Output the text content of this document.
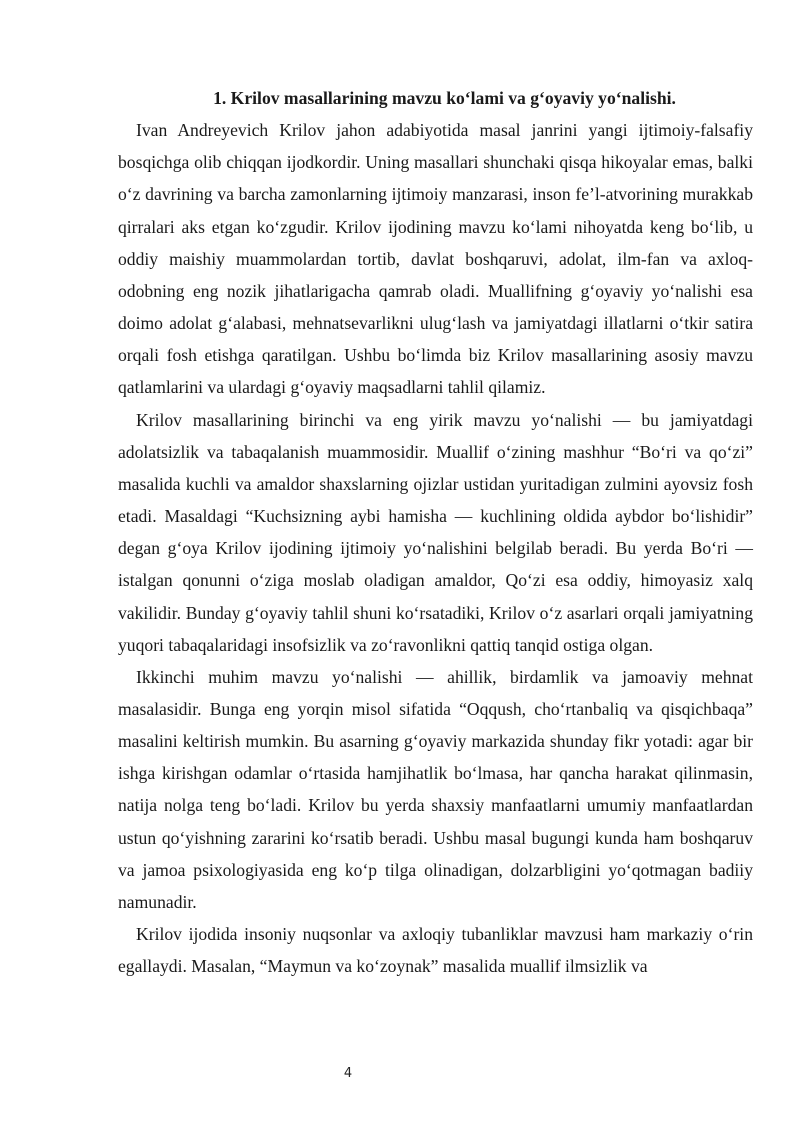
1. Krilov masallarining mavzu ko‘lami va g‘oyaviy yo‘nalishi.

Ivan Andreyevich Krilov jahon adabiyotida masal janrini yangi ijtimoiy-falsafiy bosqichga olib chiqqan ijodkordir. Uning masallari shunchaki qisqa hikoyalar emas, balki o‘z davrining va barcha zamonlarning ijtimoiy manzarasi, inson fe’l-atvorining murakkab qirralari aks etgan ko‘zgudir. Krilov ijodining mavzu ko‘lami nihoyatda keng bo‘lib, u oddiy maishiy muammolardan tortib, davlat boshqaruvi, adolat, ilm-fan va axloq-odobning eng nozik jihatlarigacha qamrab oladi. Muallifning g‘oyaviy yo‘nalishi esa doimo adolat g‘alabasi, mehnatsevarlikni ulug‘lash va jamiyatdagi illatlarni o‘tkir satira orqali fosh etishga qaratilgan. Ushbu bo‘limda biz Krilov masallarining asosiy mavzu qatlamlarini va ulardagi g‘oyaviy maqsadlarni tahlil qilamiz.

Krilov masallarining birinchi va eng yirik mavzu yo‘nalishi — bu jamiyatdagi adolatsizlik va tabaqalanish muammosidir. Muallif o‘zining mashhur “Bo‘ri va qo‘zi” masalida kuchli va amaldor shaxslarning ojizlar ustidan yuritadigan zulmini ayovsiz fosh etadi. Masaldagi “Kuchsizning aybi hamisha — kuchlining oldida aybdor bo‘lishidir” degan g‘oya Krilov ijodining ijtimoiy yo‘nalishini belgilab beradi. Bu yerda Bo‘ri — istalgan qonunni o‘ziga moslab oladigan amaldor, Qo‘zi esa oddiy, himoyasiz xalq vakilidir. Bunday g‘oyaviy tahlil shuni ko‘rsatadiki, Krilov o‘z asarlari orqali jamiyatning yuqori tabaqalaridagi insofsizlik va zo‘ravonlikni qattiq tanqid ostiga olgan.

Ikkinchi muhim mavzu yo‘nalishi — ahillik, birdamlik va jamoaviy mehnat masalasidir. Bunga eng yorqin misol sifatida “Oqqush, cho‘rtanbaliq va qisqichbaqa” masalini keltirish mumkin. Bu asarning g‘oyaviy markazida shunday fikr yotadi: agar bir ishga kirishgan odamlar o‘rtasida hamjihatlik bo‘lmasa, har qancha harakat qilinmasin, natija nolga teng bo‘ladi. Krilov bu yerda shaxsiy manfaatlarni umumiy manfaatlardan ustun qo‘yishning zararini ko‘rsatib beradi. Ushbu masal bugungi kunda ham boshqaruv va jamoa psixologiyasida eng ko‘p tilga olinadigan, dolzarbligini yo‘qotmagan badiiy namunadir.

Krilov ijodida insoniy nuqsonlar va axloqiy tubanliklar mavzusi ham markaziy o‘rin egallaydi. Masalan, “Maymun va ko‘zoynak” masalida muallif ilmsizlik va

4
